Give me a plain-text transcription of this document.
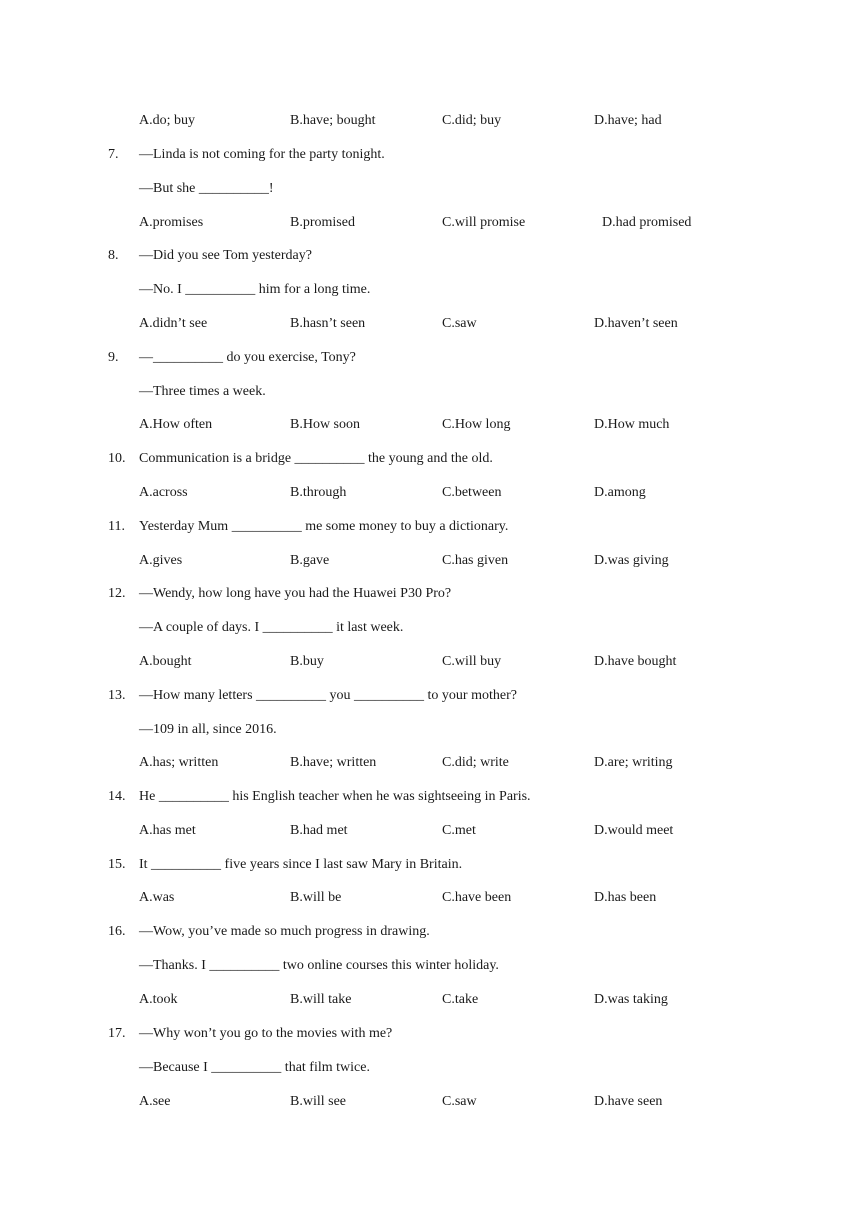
A.do; buy	B.have; bought	C.did; buy	D.have; had
7. —Linda is not coming for the party tonight.
—But she __________!
A.promises	B.promised	C.will promise	D.had promised
8. —Did you see Tom yesterday?
—No. I __________ him for a long time.
A.didn’t see	B.hasn’t seen	C.saw	D.haven’t seen
9. —__________ do you exercise, Tony?
—Three times a week.
A.How often	B.How soon	C.How long	D.How much
10. Communication is a bridge __________ the young and the old.
A.across	B.through	C.between	D.among
11. Yesterday Mum __________ me some money to buy a dictionary.
A.gives	B.gave	C.has given	D.was giving
12. —Wendy, how long have you had the Huawei P30 Pro?
—A couple of days. I __________ it last week.
A.bought	B.buy	C.will buy	D.have bought
13. —How many letters __________ you __________ to your mother?
—109 in all, since 2016.
A.has; written	B.have; written	C.did; write	D.are; writing
14. He __________ his English teacher when he was sightseeing in Paris.
A.has met	B.had met	C.met	D.would meet
15. It __________ five years since I last saw Mary in Britain.
A.was	B.will be	C.have been	D.has been
16. —Wow, you’ve made so much progress in drawing.
—Thanks. I __________ two online courses this winter holiday.
A.took	B.will take	C.take	D.was taking
17. —Why won’t you go to the movies with me?
—Because I __________ that film twice.
A.see	B.will see	C.saw	D.have seen
